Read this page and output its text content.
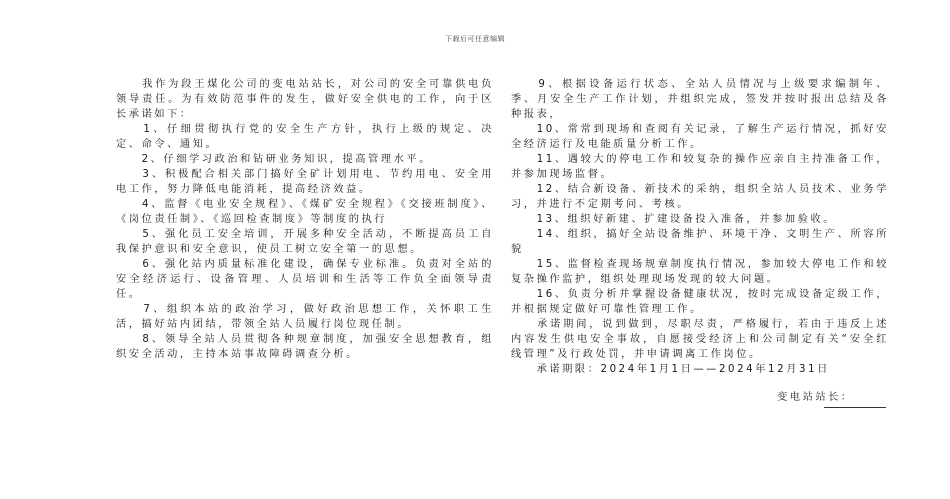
下载后可任意编辑

　　我作为段王煤化公司的变电站站长，对公司的安全可靠供电负领导责任。为有效防范事件的发生，做好安全供电的工作，向于区长承诺如下：

　　1、仔细贯彻执行党的安全生产方针，执行上级的规定、决定、命令、通知。

　　2、仔细学习政治和钻研业务知识，提高管理水平。

　　3、积极配合相关部门搞好全矿计划用电、节约用电、安全用电工作，努力降低电能消耗，提高经济效益。

　　4、监督《电业安全规程》、《煤矿安全规程》《交接班制度》、《岗位责任制》、《巡回检查制度》等制度的执行

　　5、强化员工安全培训，开展多种安全活动，不断提高员工自我保护意识和安全意识，使员工树立安全第一的思想。

　　6、强化站内质量标准化建设，确保专业标准。负责对全站的安全经济运行、设备管理、人员培训和生活等工作负全面领导责任。

　　7、组织本站的政治学习，做好政治思想工作，关怀职工生活，搞好站内团结，带领全站人员履行岗位现任制。

　　8、领导全站人员贯彻各种规章制度，加强安全思想教育，组织安全活动，主持本站事故障碍调查分析。

　　9、根据设备运行状态、全站人员情况与上级要求编制年、季、月安全生产工作计划，并组织完成，签发并按时报出总结及各种报表，

　　10、常常到现场和查阅有关记录，了解生产运行情况，抓好安全经济运行及电能质量分析工作。

　　11、遇较大的停电工作和较复杂的操作应亲自主持准备工作，并参加现场监督。

　　12、结合新设备、新技术的采纳，组织全站人员技术、业务学习，并进行不定期考问、考核。

　　13、组织好新建、扩建设备投入准备，并参加验收。

　　14、组织，搞好全站设备维护、环境干净、文明生产、所容所貌

　　15、监督检查现场规章制度执行情况，参加较大停电工作和较复杂操作监护，组织处理现场发现的较大问题。

　　16、负责分析并掌握设备健康状况，按时完成设备定级工作，并根据规定做好可靠性管理工作。

　　承诺期间，说到做到，尽职尽责，严格履行，若由于违反上述内容发生供电安全事故，自愿接受经济上和公司制定有关“安全红线管理”及行政处罚，并申请调离工作岗位。

　　承诺期限：2024年1月1日——2024年12月31日

变电站站长：
